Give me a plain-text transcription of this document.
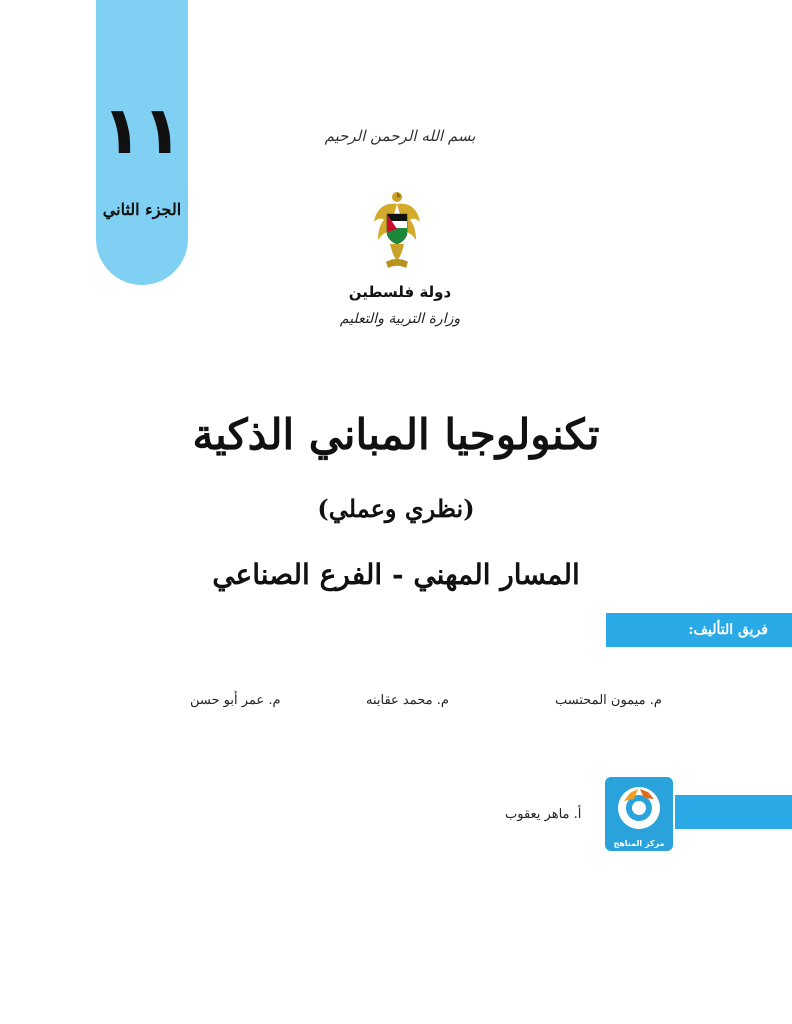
١١
الجزء الثاني
بسم الله الرحمن الرحيم
دولة فلسطين
وزارة التربية والتعليم
تكنولوجيا المباني الذكية
(نظري وعملي)
المسار المهني - الفرع الصناعي
فريق التأليف:
م. ميمون المحتسب
م. محمد عقابنه
م. عمر أبو حسن
أ. ماهر يعقوب
مركز المناهج
